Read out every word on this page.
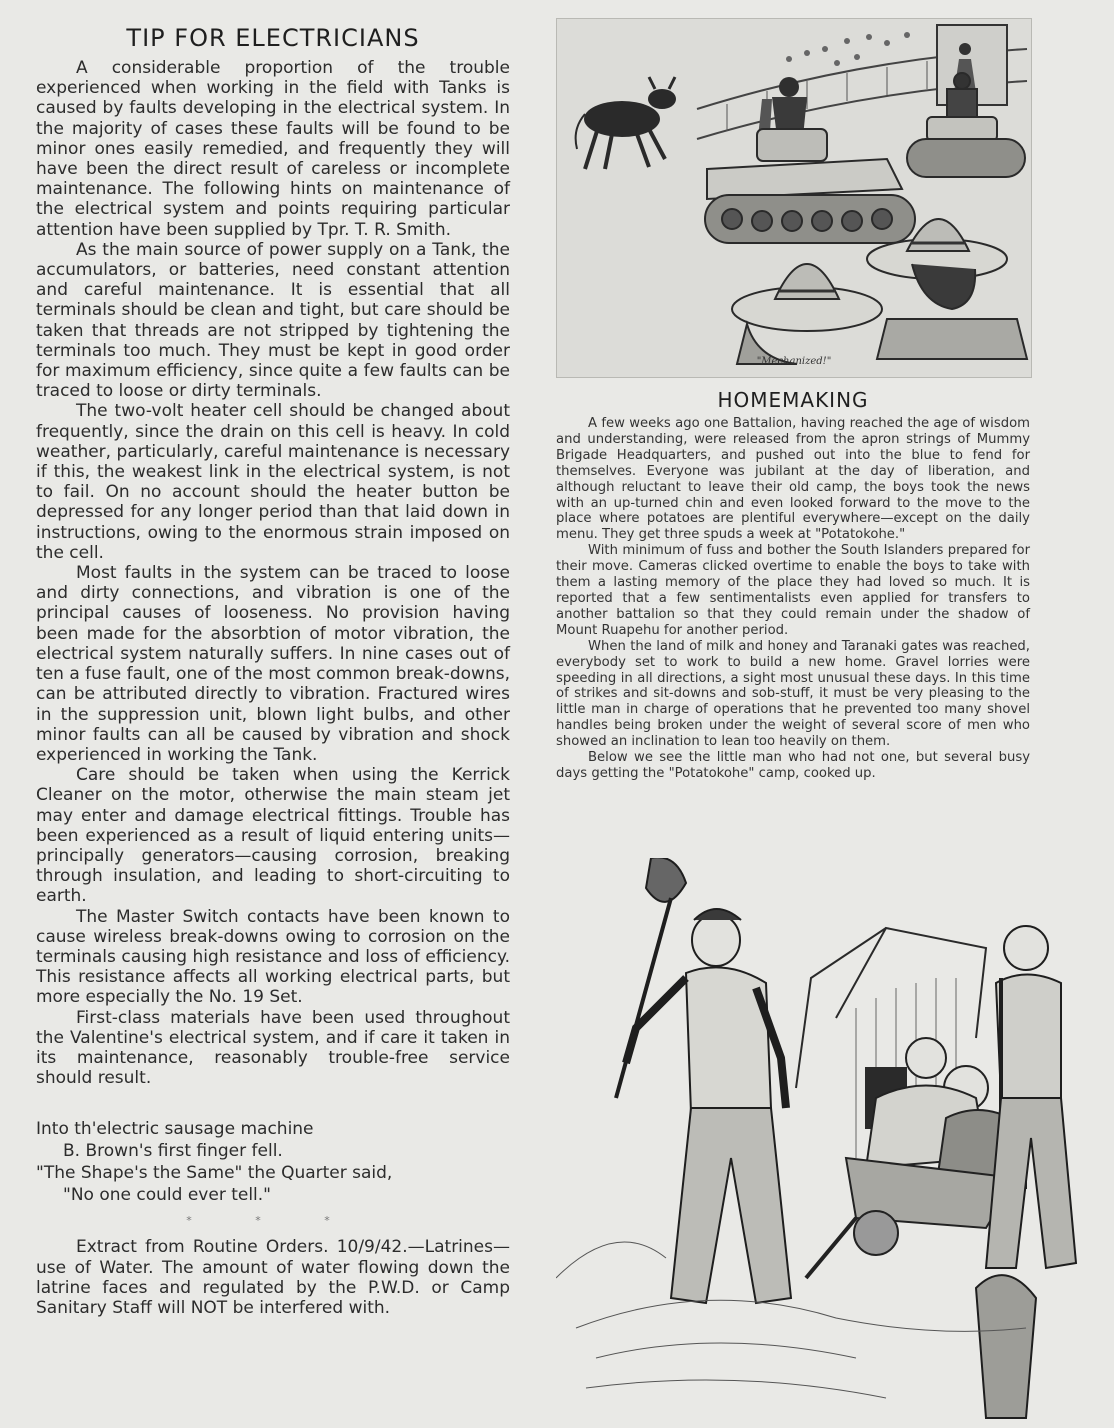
TIP FOR ELECTRICIANS

A considerable proportion of the trouble experienced when working in the field with Tanks is caused by faults developing in the electrical system. In the majority of cases these faults will be found to be minor ones easily remedied, and frequently they will have been the direct result of careless or incomplete maintenance. The following hints on maintenance of the electrical system and points requiring particular attention have been supplied by Tpr. T. R. Smith.

As the main source of power supply on a Tank, the accumulators, or batteries, need constant attention and careful maintenance. It is essential that all terminals should be clean and tight, but care should be taken that threads are not stripped by tightening the terminals too much. They must be kept in good order for maximum efficiency, since quite a few faults can be traced to loose or dirty terminals.

The two-volt heater cell should be changed about frequently, since the drain on this cell is heavy. In cold weather, particularly, careful maintenance is necessary if this, the weakest link in the electrical system, is not to fail. On no account should the heater button be depressed for any longer period than that laid down in instructions, owing to the enormous strain imposed on the cell.

Most faults in the system can be traced to loose and dirty connections, and vibration is one of the principal causes of looseness. No provision having been made for the absorbtion of motor vibration, the electrical system naturally suffers. In nine cases out of ten a fuse fault, one of the most common break-downs, can be attributed directly to vibration. Fractured wires in the suppression unit, blown light bulbs, and other minor faults can all be caused by vibration and shock experienced in working the Tank.

Care should be taken when using the Kerrick Cleaner on the motor, otherwise the main steam jet may enter and damage electrical fittings. Trouble has been experienced as a result of liquid entering units—principally generators—causing corrosion, breaking through insulation, and leading to short-circuiting to earth.

The Master Switch contacts have been known to cause wireless break-downs owing to corrosion on the terminals causing high resistance and loss of efficiency. This resistance affects all working electrical parts, but more especially the No. 19 Set.

First-class materials have been used throughout the Valentine's electrical system, and if care it taken in its maintenance, reasonably trouble-free service should result.

Into th'electric sausage machine
B. Brown's first finger fell.
"The Shape's the Same" the Quarter said,
"No one could ever tell."
* * *

Extract from Routine Orders. 10/9/42.—Latrines—use of Water. The amount of water flowing down the latrine faces and regulated by the P.W.D. or Camp Sanitary Staff will NOT be interfered with.

"Mechanized!"
HOMEMAKING

A few weeks ago one Battalion, having reached the age of wisdom and understanding, were released from the apron strings of Mummy Brigade Headquarters, and pushed out into the blue to fend for themselves. Everyone was jubilant at the day of liberation, and although reluctant to leave their old camp, the boys took the news with an up-turned chin and even looked forward to the move to the place where potatoes are plentiful everywhere—except on the daily menu. They get three spuds a week at "Potatokohe."

With minimum of fuss and bother the South Islanders prepared for their move. Cameras clicked overtime to enable the boys to take with them a lasting memory of the place they had loved so much. It is reported that a few sentimentalists even applied for transfers to another battalion so that they could remain under the shadow of Mount Ruapehu for another period.

When the land of milk and honey and Taranaki gates was reached, everybody set to work to build a new home. Gravel lorries were speeding in all directions, a sight most unusual these days. In this time of strikes and sit-downs and sob-stuff, it must be very pleasing to the little man in charge of operations that he prevented too many shovel handles being broken under the weight of several score of men who showed an inclination to lean too heavily on them.

Below we see the little man who had not one, but several busy days getting the "Potatokohe" camp, cooked up.
